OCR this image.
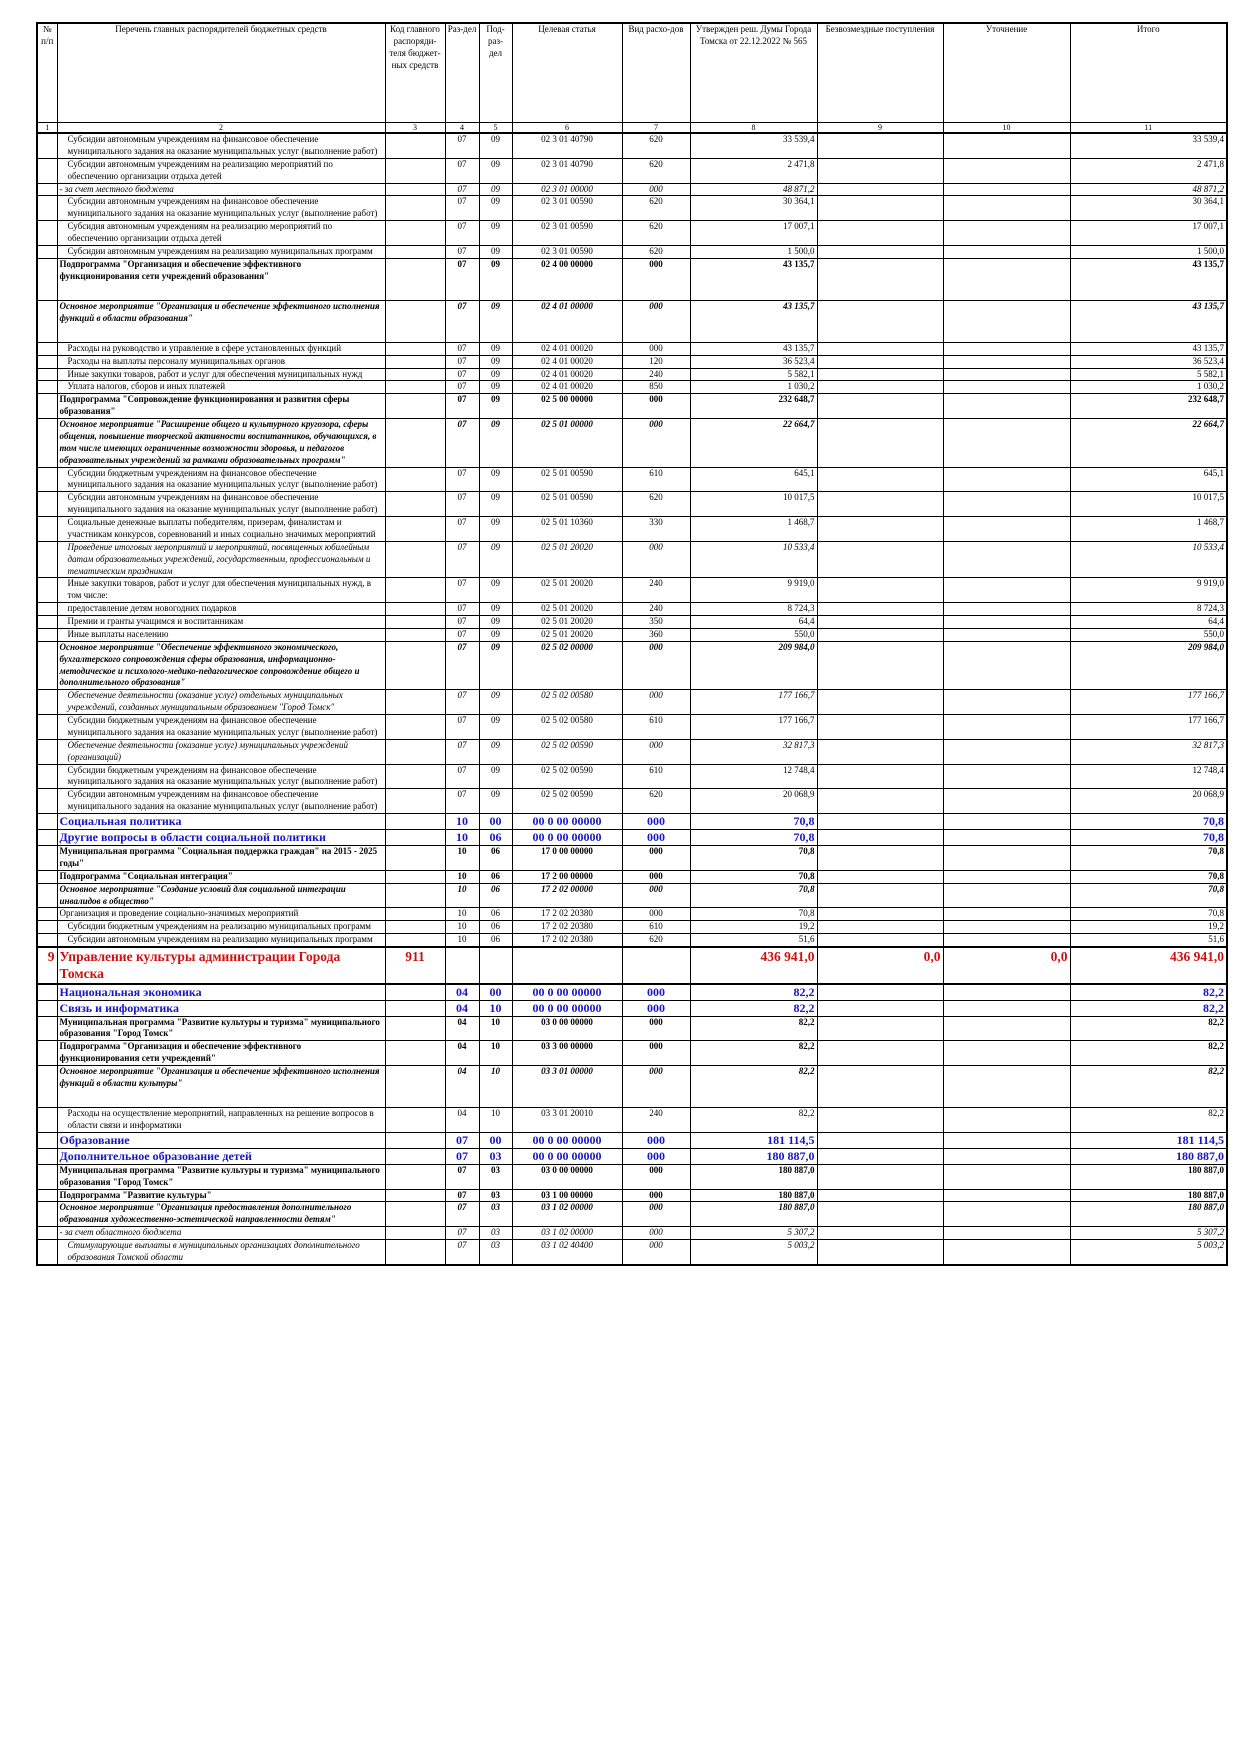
№ п/п	Перечень главных распорядителей бюджетных средств	Код главного распоряди-теля бюджет-ных средств	Раз-дел	Под-раз-дел	Целевая статья	Вид расхо-дов	Утвержден реш. Думы Города Томска от 22.12.2022 № 565	Безвозмездные поступления	Уточнение	Итого
1	2	3	4	5	6	7	8	9	10	11
	Субсидии автономным учреждениям на финансовое обеспечение муниципального задания на оказание муниципальных услуг (выполнение работ)		07	09	02 3 01 40790	620	33 539,4			33 539,4
	Субсидии автономным учреждениям на реализацию мероприятий по обеспечению организации отдыха детей		07	09	02 3 01 40790	620	2 471,8			2 471,8
	- за счет местного бюджета		07	09	02 3 01 00000	000	48 871,2			48 871,2
	Субсидии автономным учреждениям на финансовое обеспечение муниципального задания на оказание муниципальных услуг (выполнение работ)		07	09	02 3 01 00590	620	30 364,1			30 364,1
	Субсидия автономным учреждениям на реализацию мероприятий по обеспечению организации отдыха детей		07	09	02 3 01 00590	620	17 007,1			17 007,1
	Субсидии автономным учреждениям на реализацию муниципальных программ		07	09	02 3 01 00590	620	1 500,0			1 500,0
	Подпрограмма "Организация и обеспечение эффективного функционирования сети учреждений образования"		07	09	02 4 00 00000	000	43 135,7			43 135,7
	Основное мероприятие "Организация и обеспечение эффективного исполнения функций в области образования"		07	09	02 4 01 00000	000	43 135,7			43 135,7
	Расходы на руководство и управление в сфере установленных функций		07	09	02 4 01 00020	000	43 135,7			43 135,7
	Расходы на выплаты персоналу муниципальных органов		07	09	02 4 01 00020	120	36 523,4			36 523,4
	Иные закупки товаров, работ и услуг для обеспечения муниципальных нужд		07	09	02 4 01 00020	240	5 582,1			5 582,1
	Уплата налогов, сборов и иных платежей		07	09	02 4 01 00020	850	1 030,2			1 030,2
	Подпрограмма "Сопровождение функционирования и развития сферы образования"		07	09	02 5 00 00000	000	232 648,7			232 648,7
	Основное мероприятие "Расширение общего и культурного кругозора, сферы общения, повышение творческой активности воспитанников, обучающихся, в том числе имеющих ограниченные возможности здоровья, и педагогов образовательных учреждений за рамками образовательных программ"		07	09	02 5 01 00000	000	22 664,7			22 664,7
	Субсидии бюджетным учреждениям на финансовое обеспечение муниципального задания на оказание муниципальных услуг (выполнение работ)		07	09	02 5 01 00590	610	645,1			645,1
	Субсидии автономным учреждениям на финансовое обеспечение муниципального задания на оказание муниципальных услуг (выполнение работ)		07	09	02 5 01 00590	620	10 017,5			10 017,5
	Социальные денежные выплаты победителям, призерам, финалистам и участникам конкурсов, соревнований и иных социально значимых мероприятий		07	09	02 5 01 10360	330	1 468,7			1 468,7
	Проведение итоговых мероприятий и мероприятий, посвященных юбилейным датам образовательных учреждений, государственным, профессиональным и тематическим праздникам		07	09	02 5 01 20020	000	10 533,4			10 533,4
	Иные закупки товаров, работ и услуг для обеспечения муниципальных нужд, в том числе:		07	09	02 5 01 20020	240	9 919,0			9 919,0
	предоставление детям новогодних подарков		07	09	02 5 01 20020	240	8 724,3			8 724,3
	Премии и гранты учащимся и воспитанникам		07	09	02 5 01 20020	350	64,4			64,4
	Иные выплаты населению		07	09	02 5 01 20020	360	550,0			550,0
	Основное мероприятие "Обеспечение эффективного экономического, бухгалтерского сопровождения сферы образования, информационно-методическое и психолого-медико-педагогическое сопровождение общего и дополнительного образования"		07	09	02 5 02 00000	000	209 984,0			209 984,0
	Обеспечение деятельности (оказание услуг) отдельных муниципальных учреждений, созданных муниципальным образованием "Город Томск"		07	09	02 5 02 00580	000	177 166,7			177 166,7
	Субсидии бюджетным учреждениям на финансовое обеспечение муниципального задания на оказание муниципальных услуг (выполнение работ)		07	09	02 5 02 00580	610	177 166,7			177 166,7
	Обеспечение деятельности (оказание услуг) муниципальных учреждений (организаций)		07	09	02 5 02 00590	000	32 817,3			32 817,3
	Субсидии бюджетным учреждениям на финансовое обеспечение муниципального задания на оказание муниципальных услуг (выполнение работ)		07	09	02 5 02 00590	610	12 748,4			12 748,4
	Субсидии автономным учреждениям на финансовое обеспечение муниципального задания на оказание муниципальных услуг (выполнение работ)		07	09	02 5 02 00590	620	20 068,9			20 068,9
	Социальная политика		10	00	00 0 00 00000	000	70,8			70,8
	Другие вопросы в области социальной политики		10	06	00 0 00 00000	000	70,8			70,8
	Муниципальная программа "Социальная поддержка граждан" на 2015 - 2025 годы"		10	06	17 0 00 00000	000	70,8			70,8
	Подпрограмма "Социальная интеграция"		10	06	17 2 00 00000	000	70,8			70,8
	Основное мероприятие "Создание условий для социальной интеграции инвалидов в общество"		10	06	17 2 02 00000	000	70,8			70,8
	Организация и проведение социально-значимых мероприятий		10	06	17 2 02 20380	000	70,8			70,8
	Субсидии бюджетным учреждениям на реализацию муниципальных программ		10	06	17 2 02 20380	610	19,2			19,2
	Субсидии автономным учреждениям на реализацию муниципальных программ		10	06	17 2 02 20380	620	51,6			51,6
9	Управление культуры администрации Города Томска	911					436 941,0	0,0	0,0	436 941,0
	Национальная экономика		04	00	00 0 00 00000	000	82,2			82,2
	Связь и информатика		04	10	00 0 00 00000	000	82,2			82,2
	Муниципальная программа "Развитие культуры и туризма" муниципального образования "Город Томск"		04	10	03 0 00 00000	000	82,2			82,2
	Подпрограмма "Организация и обеспечение эффективного функционирования сети учреждений"		04	10	03 3 00 00000	000	82,2			82,2
	Основное мероприятие "Организация и обеспечение эффективного исполнения функций в области культуры"		04	10	03 3 01 00000	000	82,2			82,2
	Расходы на осуществление мероприятий, направленных на решение вопросов в области связи и информатики		04	10	03 3 01 20010	240	82,2			82,2
	Образование		07	00	00 0 00 00000	000	181 114,5			181 114,5
	Дополнительное образование детей		07	03	00 0 00 00000	000	180 887,0			180 887,0
	Муниципальная программа "Развитие культуры и туризма" муниципального образования "Город Томск"		07	03	03 0 00 00000	000	180 887,0			180 887,0
	Подпрограмма "Развитие культуры"		07	03	03 1 00 00000	000	180 887,0			180 887,0
	Основное мероприятие "Организация предоставления дополнительного образования художественно-эстетической направленности детям"		07	03	03 1 02 00000	000	180 887,0			180 887,0
	- за счет областного бюджета		07	03	03 1 02 00000	000	5 307,2			5 307,2
	Стимулирующие выплаты в муниципальных организациях дополнительного образования Томской области		07	03	03 1 02 40400	000	5 003,2			5 003,2
